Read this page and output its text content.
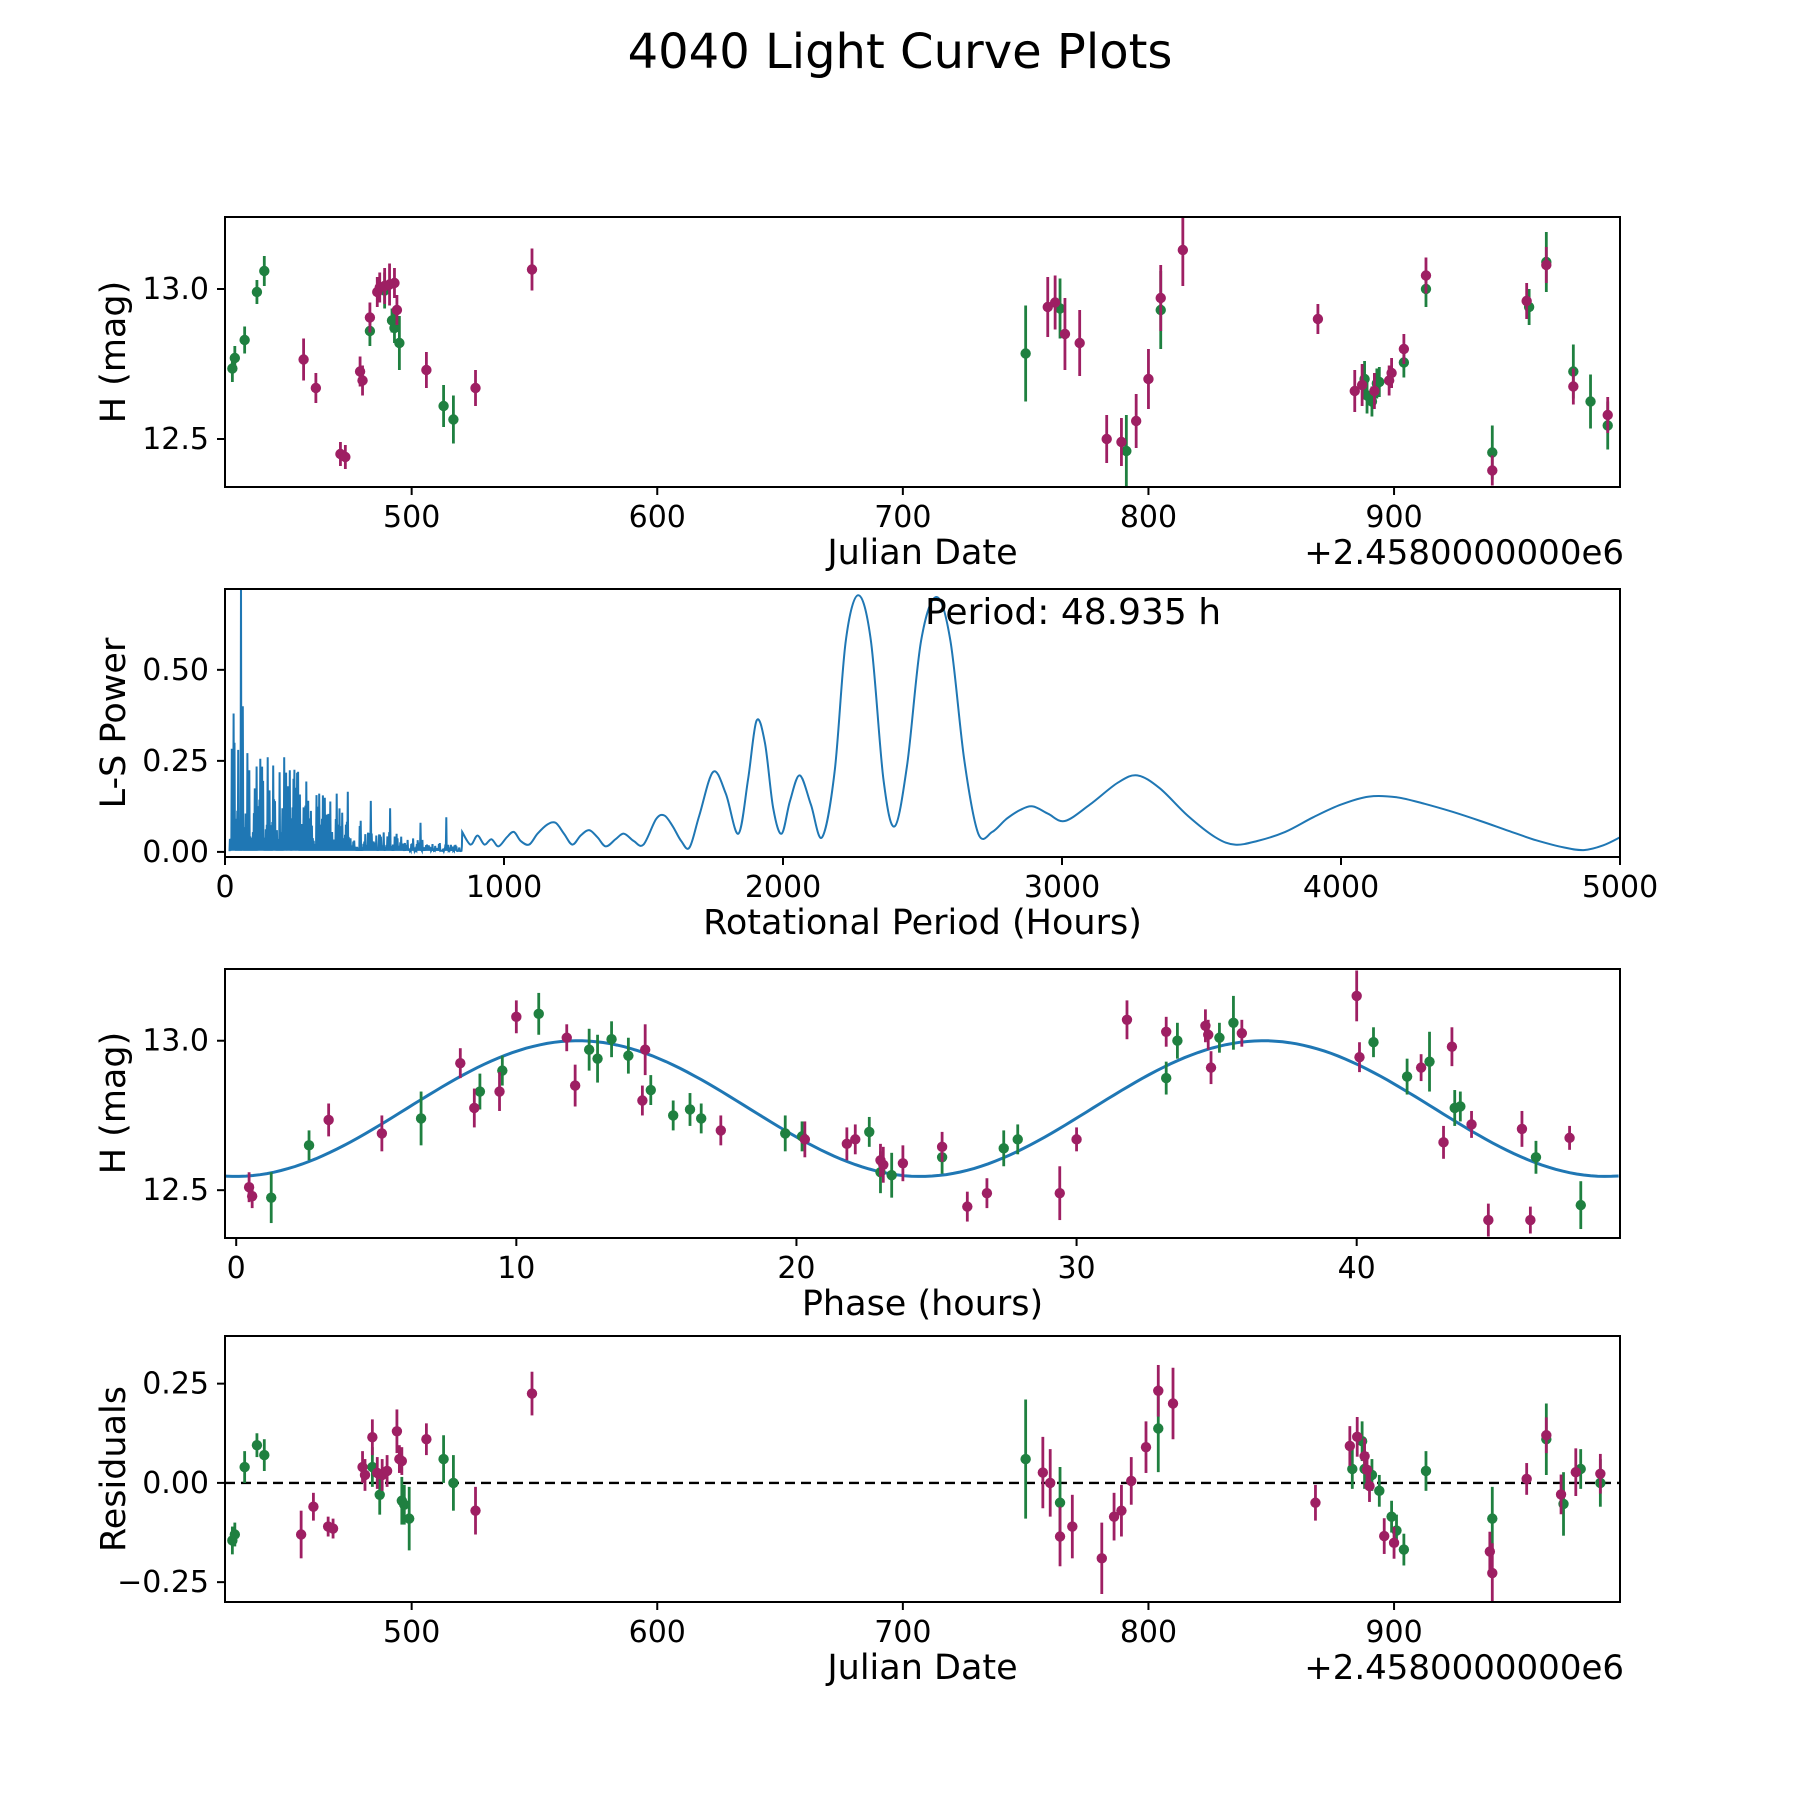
4040 Light Curve Plots
500	600	700	800	900
12.5
13.0
H (mag)
Julian Date	+2.4580000000e6
0	1000	2000	3000	4000	5000
0.00
0.25
0.50
L-S Power
Rotational Period (Hours)
Period: 48.935 h
0	10	20	30	40
12.5
13.0
H (mag)
Phase (hours)
500	600	700	800	900
−0.25
0.00
0.25
Residuals
Julian Date	+2.4580000000e6
